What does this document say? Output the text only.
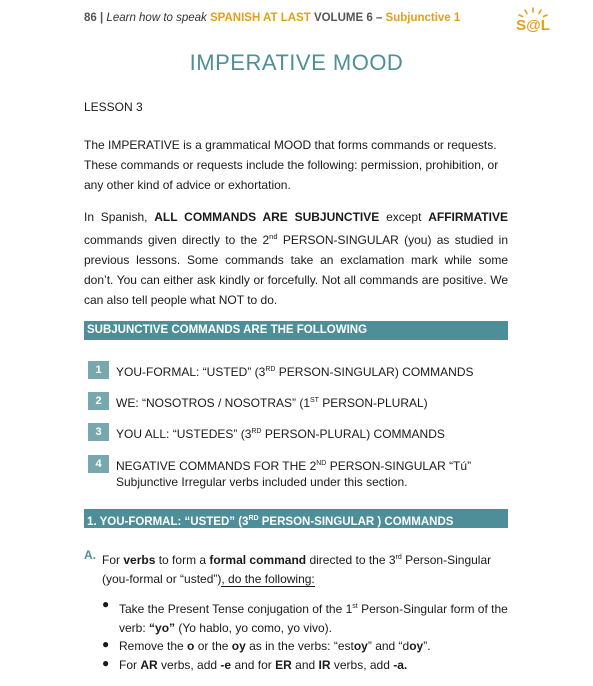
86 | Learn how to speak SPANISH AT LAST VOLUME 6 – Subjunctive 1	S@L
IMPERATIVE MOOD
LESSON 3
The IMPERATIVE is a grammatical MOOD that forms commands or requests. These commands or requests include the following: permission, prohibition, or any other kind of advice or exhortation.
In Spanish, ALL COMMANDS ARE SUBJUNCTIVE except AFFIRMATIVE commands given directly to the 2nd PERSON-SINGULAR (you) as studied in previous lessons. Some commands take an exclamation mark while some don’t. You can either ask kindly or forcefully. Not all commands are positive. We can also tell people what NOT to do.
SUBJUNCTIVE COMMANDS ARE THE FOLLOWING
1	YOU-FORMAL: “USTED” (3RD PERSON-SINGULAR) COMMANDS
2	WE: “NOSOTROS / NOSOTRAS” (1ST PERSON-PLURAL)
3	YOU ALL: “USTEDES” (3RD PERSON-PLURAL) COMMANDS
4	NEGATIVE COMMANDS FOR THE 2ND PERSON-SINGULAR “Tú”
Subjunctive Irregular verbs included under this section.
1. YOU-FORMAL: “USTED” (3RD PERSON-SINGULAR ) COMMANDS
A. For verbs to form a formal command directed to the 3rd Person-Singular (you-formal or “usted”), do the following:
● Take the Present Tense conjugation of the 1st Person-Singular form of the verb: “yo” (Yo hablo, yo como, yo vivo).
● Remove the o or the oy as in the verbs: “estoy” and “doy”.
● For AR verbs, add -e and for ER and IR verbs, add -a.
